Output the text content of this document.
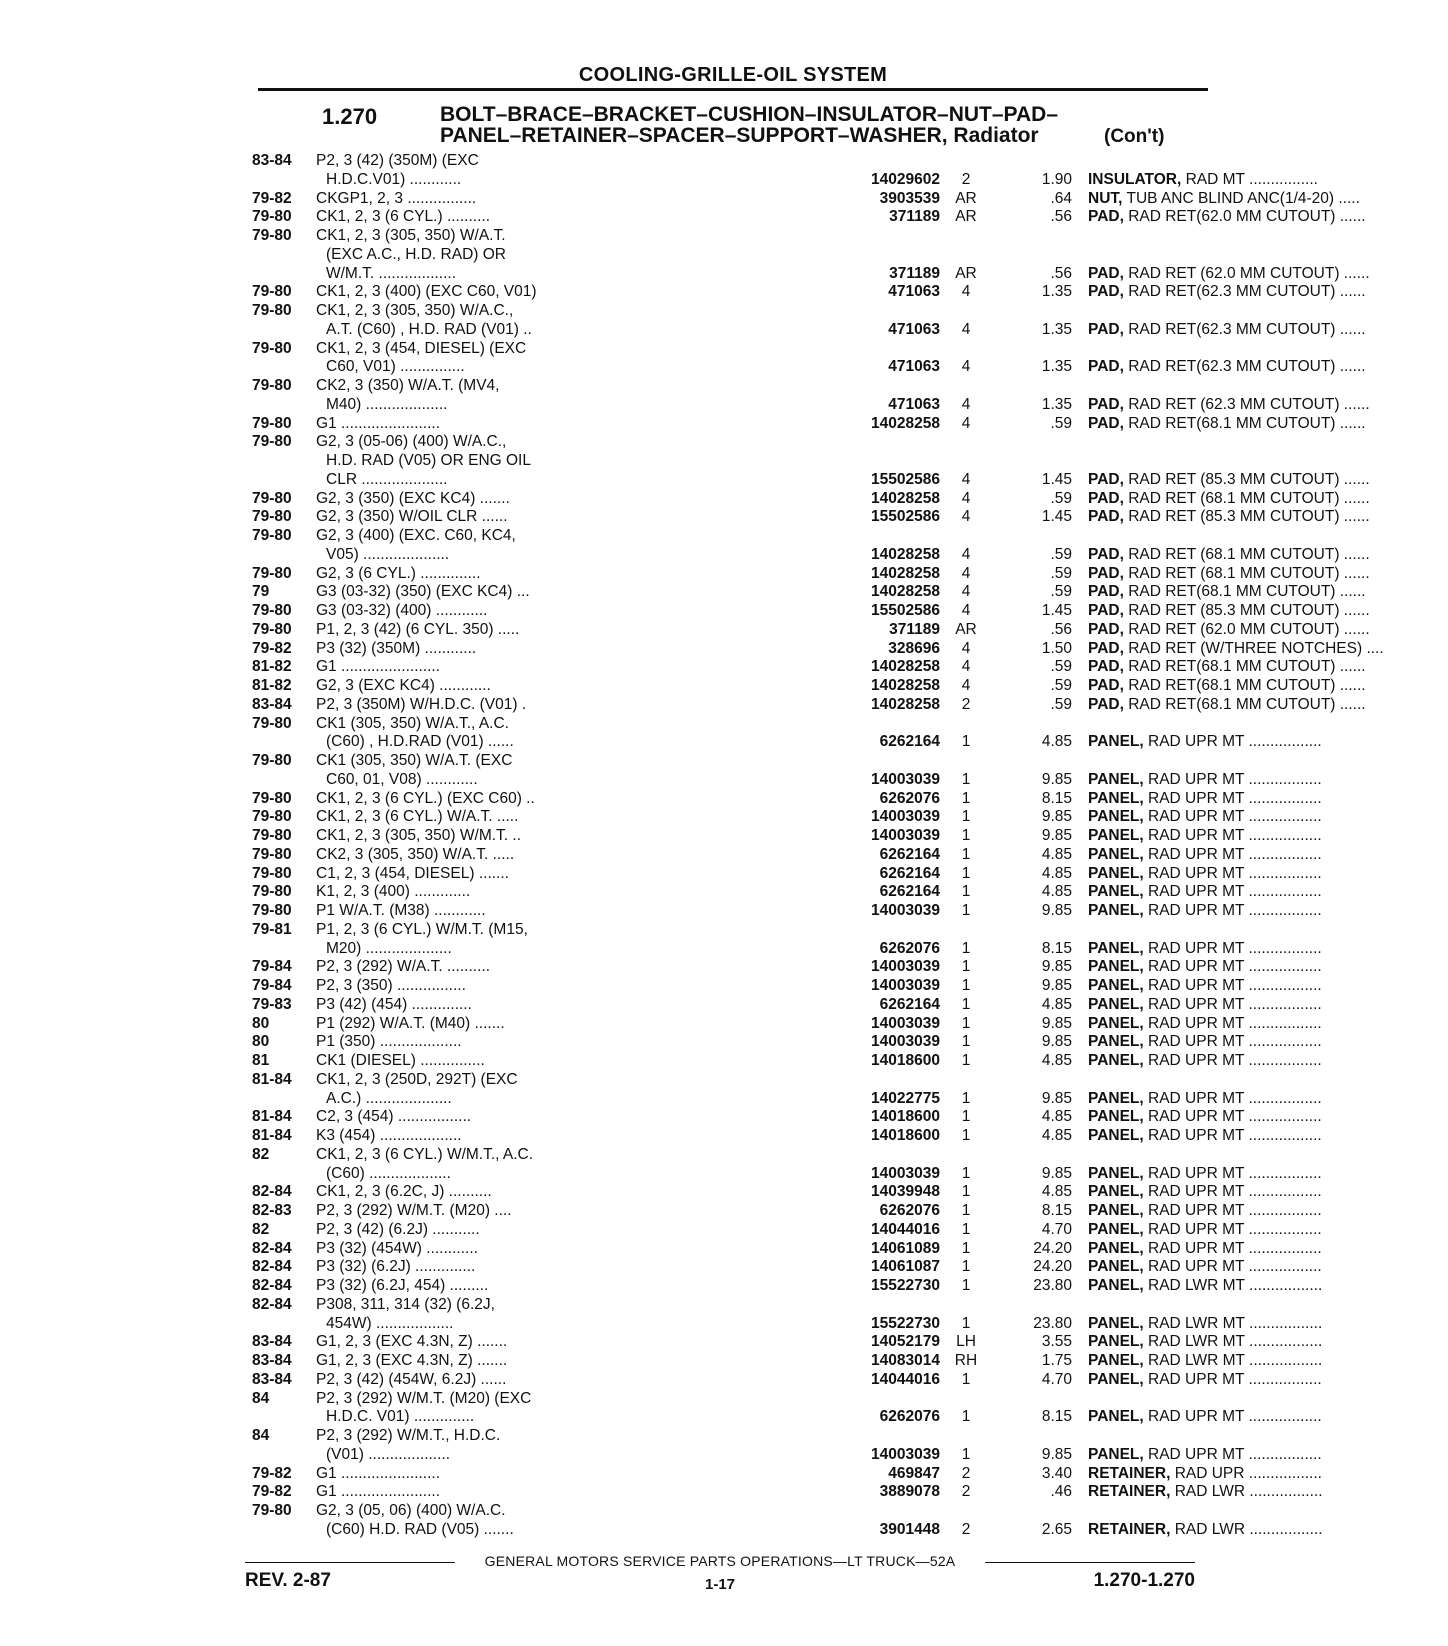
COOLING-GRILLE-OIL SYSTEM
1.270	BOLT–BRACE–BRACKET–CUSHION–INSULATOR–NUT–PAD–
PANEL–RETAINER–SPACER–SUPPORT–WASHER, Radiator	(Con't)
83-84 P2, 3 (42) (350M) (EXC
H.D.C.V01) ............	14029602	2	1.90 INSULATOR, RAD MT ................
79-82 CKGP1, 2, 3 ................	3903539 AR	.64 NUT, TUB ANC BLIND ANC(1/4-20) .....
79-80 CK1, 2, 3 (6 CYL.) ..........	371189 AR	.56 PAD, RAD RET(62.0 MM CUTOUT) ......
79-80 CK1, 2, 3 (305, 350) W/A.T.
(EXC A.C., H.D. RAD) OR
W/M.T. ..................	371189 AR	.56 PAD, RAD RET (62.0 MM CUTOUT) ......
79-80 CK1, 2, 3 (400) (EXC C60, V01)	471063	4	1.35 PAD, RAD RET(62.3 MM CUTOUT) ......
79-80 CK1, 2, 3 (305, 350) W/A.C.,
A.T. (C60) , H.D. RAD (V01) ..	471063	4	1.35 PAD, RAD RET(62.3 MM CUTOUT) ......
79-80 CK1, 2, 3 (454, DIESEL) (EXC
C60, V01) ...............	471063	4	1.35 PAD, RAD RET(62.3 MM CUTOUT) ......
79-80 CK2, 3 (350) W/A.T. (MV4,
M40) ...................	471063	4	1.35 PAD, RAD RET (62.3 MM CUTOUT) ......
79-80 G1 .......................	14028258	4	.59 PAD, RAD RET(68.1 MM CUTOUT) ......
79-80 G2, 3 (05-06) (400) W/A.C.,
H.D. RAD (V05) OR ENG OIL
CLR ....................	15502586	4	1.45 PAD, RAD RET (85.3 MM CUTOUT) ......
79-80 G2, 3 (350) (EXC KC4) .......	14028258	4	.59 PAD, RAD RET (68.1 MM CUTOUT) ......
79-80 G2, 3 (350) W/OIL CLR ......	15502586	4	1.45 PAD, RAD RET (85.3 MM CUTOUT) ......
79-80 G2, 3 (400) (EXC. C60, KC4,
V05) ....................	14028258	4	.59 PAD, RAD RET (68.1 MM CUTOUT) ......
79-80 G2, 3 (6 CYL.) ..............	14028258	4	.59 PAD, RAD RET (68.1 MM CUTOUT) ......
79	G3 (03-32) (350) (EXC KC4) ...	14028258	4	.59 PAD, RAD RET(68.1 MM CUTOUT) ......
79-80 G3 (03-32) (400) ............	15502586	4	1.45 PAD, RAD RET (85.3 MM CUTOUT) ......
79-80 P1, 2, 3 (42) (6 CYL. 350) .....	371189 AR	.56 PAD, RAD RET (62.0 MM CUTOUT) ......
79-82 P3 (32) (350M) ............	328696	4	1.50 PAD, RAD RET (W/THREE NOTCHES) ....
81-82 G1 .......................	14028258	4	.59 PAD, RAD RET(68.1 MM CUTOUT) ......
81-82 G2, 3 (EXC KC4) ............	14028258	4	.59 PAD, RAD RET(68.1 MM CUTOUT) ......
83-84 P2, 3 (350M) W/H.D.C. (V01) .	14028258	2	.59 PAD, RAD RET(68.1 MM CUTOUT) ......
79-80 CK1 (305, 350) W/A.T., A.C.
(C60) , H.D.RAD (V01) ......	6262164	1	4.85 PANEL, RAD UPR MT .................
79-80 CK1 (305, 350) W/A.T. (EXC
C60, 01, V08) ............	14003039	1	9.85 PANEL, RAD UPR MT .................
79-80 CK1, 2, 3 (6 CYL.) (EXC C60) ..	6262076	1	8.15 PANEL, RAD UPR MT .................
79-80 CK1, 2, 3 (6 CYL.) W/A.T. .....	14003039	1	9.85 PANEL, RAD UPR MT .................
79-80 CK1, 2, 3 (305, 350) W/M.T. ..	14003039	1	9.85 PANEL, RAD UPR MT .................
79-80 CK2, 3 (305, 350) W/A.T. .....	6262164	1	4.85 PANEL, RAD UPR MT .................
79-80 C1, 2, 3 (454, DIESEL) .......	6262164	1	4.85 PANEL, RAD UPR MT .................
79-80 K1, 2, 3 (400) .............	6262164	1	4.85 PANEL, RAD UPR MT .................
79-80 P1 W/A.T. (M38) ............	14003039	1	9.85 PANEL, RAD UPR MT .................
79-81 P1, 2, 3 (6 CYL.) W/M.T. (M15,
M20) ....................	6262076	1	8.15 PANEL, RAD UPR MT .................
79-84 P2, 3 (292) W/A.T. ..........	14003039	1	9.85 PANEL, RAD UPR MT .................
79-84 P2, 3 (350) ................	14003039	1	9.85 PANEL, RAD UPR MT .................
79-83 P3 (42) (454) ..............	6262164	1	4.85 PANEL, RAD UPR MT .................
80	P1 (292) W/A.T. (M40) .......	14003039	1	9.85 PANEL, RAD UPR MT .................
80	P1 (350) ...................	14003039	1	9.85 PANEL, RAD UPR MT .................
81	CK1 (DIESEL) ...............	14018600	1	4.85 PANEL, RAD UPR MT .................
81-84 CK1, 2, 3 (250D, 292T) (EXC
A.C.) ....................	14022775	1	9.85 PANEL, RAD UPR MT .................
81-84 C2, 3 (454) .................	14018600	1	4.85 PANEL, RAD UPR MT .................
81-84 K3 (454) ...................	14018600	1	4.85 PANEL, RAD UPR MT .................
82	CK1, 2, 3 (6 CYL.) W/M.T., A.C.
(C60) ...................	14003039	1	9.85 PANEL, RAD UPR MT .................
82-84 CK1, 2, 3 (6.2C, J) ..........	14039948	1	4.85 PANEL, RAD UPR MT .................
82-83 P2, 3 (292) W/M.T. (M20) ....	6262076	1	8.15 PANEL, RAD UPR MT .................
82	P2, 3 (42) (6.2J) ...........	14044016	1	4.70 PANEL, RAD UPR MT .................
82-84 P3 (32) (454W) ............	14061089	1	24.20 PANEL, RAD UPR MT .................
82-84 P3 (32) (6.2J) ..............	14061087	1	24.20 PANEL, RAD UPR MT .................
82-84 P3 (32) (6.2J, 454) .........	15522730	1	23.80 PANEL, RAD LWR MT .................
82-84 P308, 311, 314 (32) (6.2J,
454W) ..................	15522730	1	23.80 PANEL, RAD LWR MT .................
83-84 G1, 2, 3 (EXC 4.3N, Z) .......	14052179	LH	3.55 PANEL, RAD LWR MT .................
83-84 G1, 2, 3 (EXC 4.3N, Z) .......	14083014 RH	1.75 PANEL, RAD LWR MT .................
83-84 P2, 3 (42) (454W, 6.2J) ......	14044016	1	4.70 PANEL, RAD UPR MT .................
84	P2, 3 (292) W/M.T. (M20) (EXC
H.D.C. V01) ..............	6262076	1	8.15 PANEL, RAD UPR MT .................
84	P2, 3 (292) W/M.T., H.D.C.
(V01) ...................	14003039	1	9.85 PANEL, RAD UPR MT .................
79-82 G1 .......................	469847	2	3.40 RETAINER, RAD UPR .................
79-82 G1 .......................	3889078	2	.46 RETAINER, RAD LWR .................
79-80 G2, 3 (05, 06) (400) W/A.C.
(C60) H.D. RAD (V05) .......	3901448	2	2.65 RETAINER, RAD LWR .................
GENERAL MOTORS SERVICE PARTS OPERATIONS—LT TRUCK—52A
REV. 2-87	1-17	1.270-1.270
